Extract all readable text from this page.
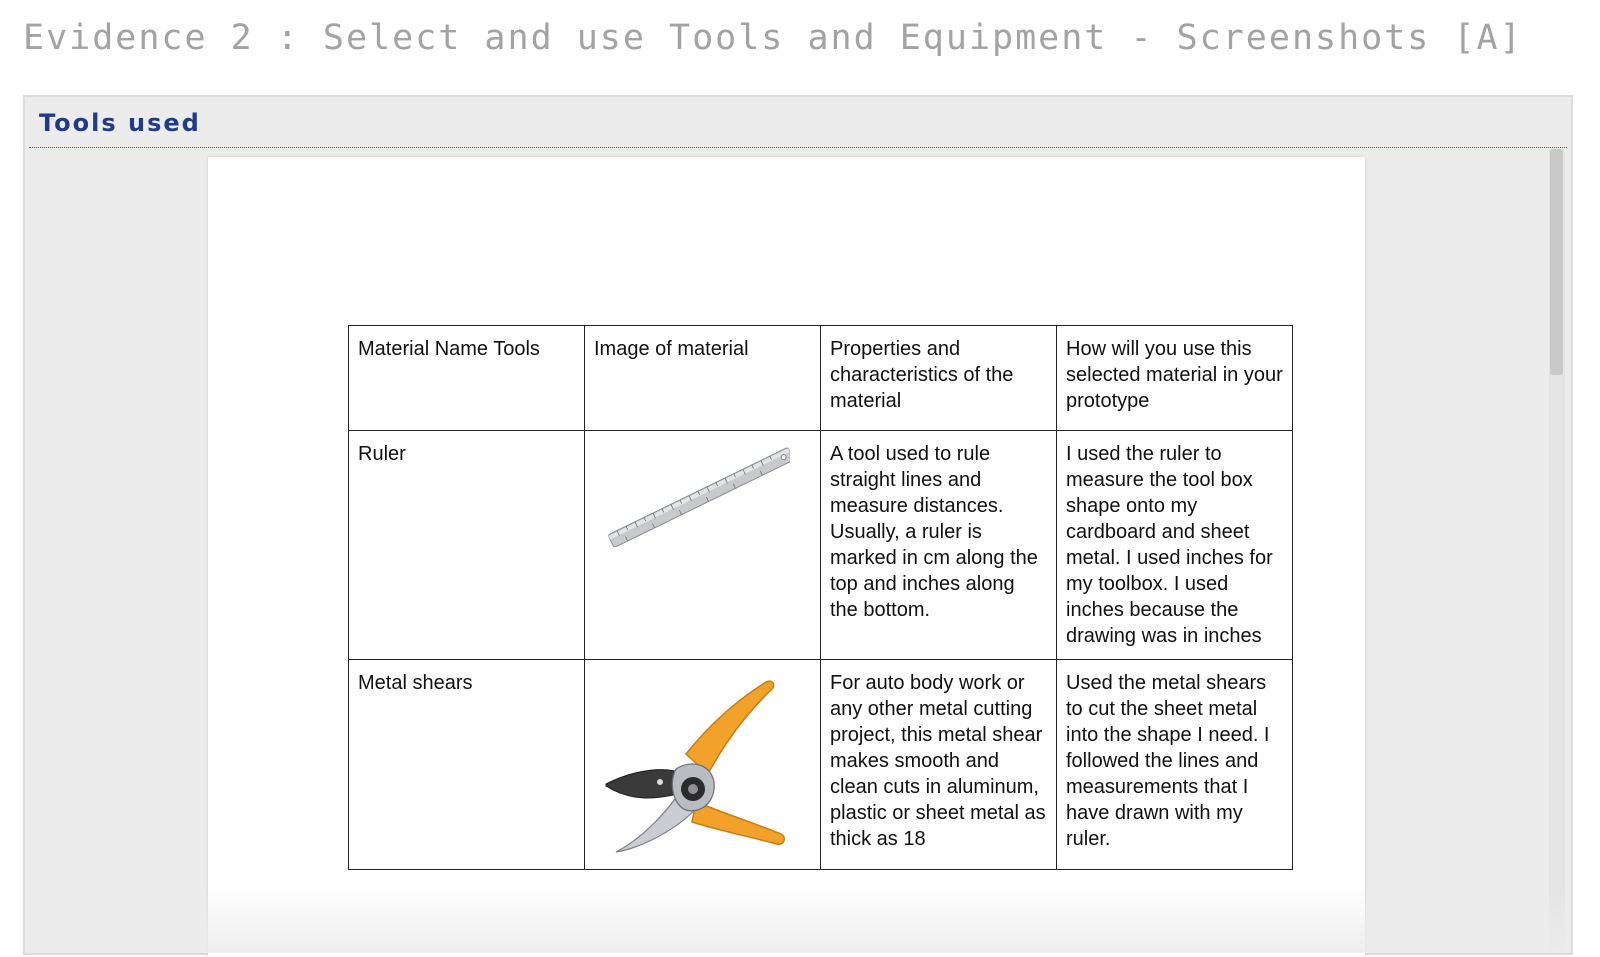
Evidence 2 : Select and use Tools and Equipment - Screenshots [A]
Tools used
Material Name Tools	Image of material	Properties and characteristics of the material	How will you use this selected material in your prototype

Ruler		A tool used to rule straight lines and measure distances. Usually, a ruler is marked in cm along the top and inches along the bottom.	I used the ruler to measure the tool box shape onto my cardboard and sheet metal. I used inches for my toolbox. I used inches because the drawing was in inches

Metal shears		For auto body work or any other metal cutting project, this metal shear makes smooth and clean cuts in aluminum, plastic or sheet metal as thick as 18	Used the metal shears to cut the sheet metal into the shape I need. I followed the lines and measurements that I have drawn with my ruler.
